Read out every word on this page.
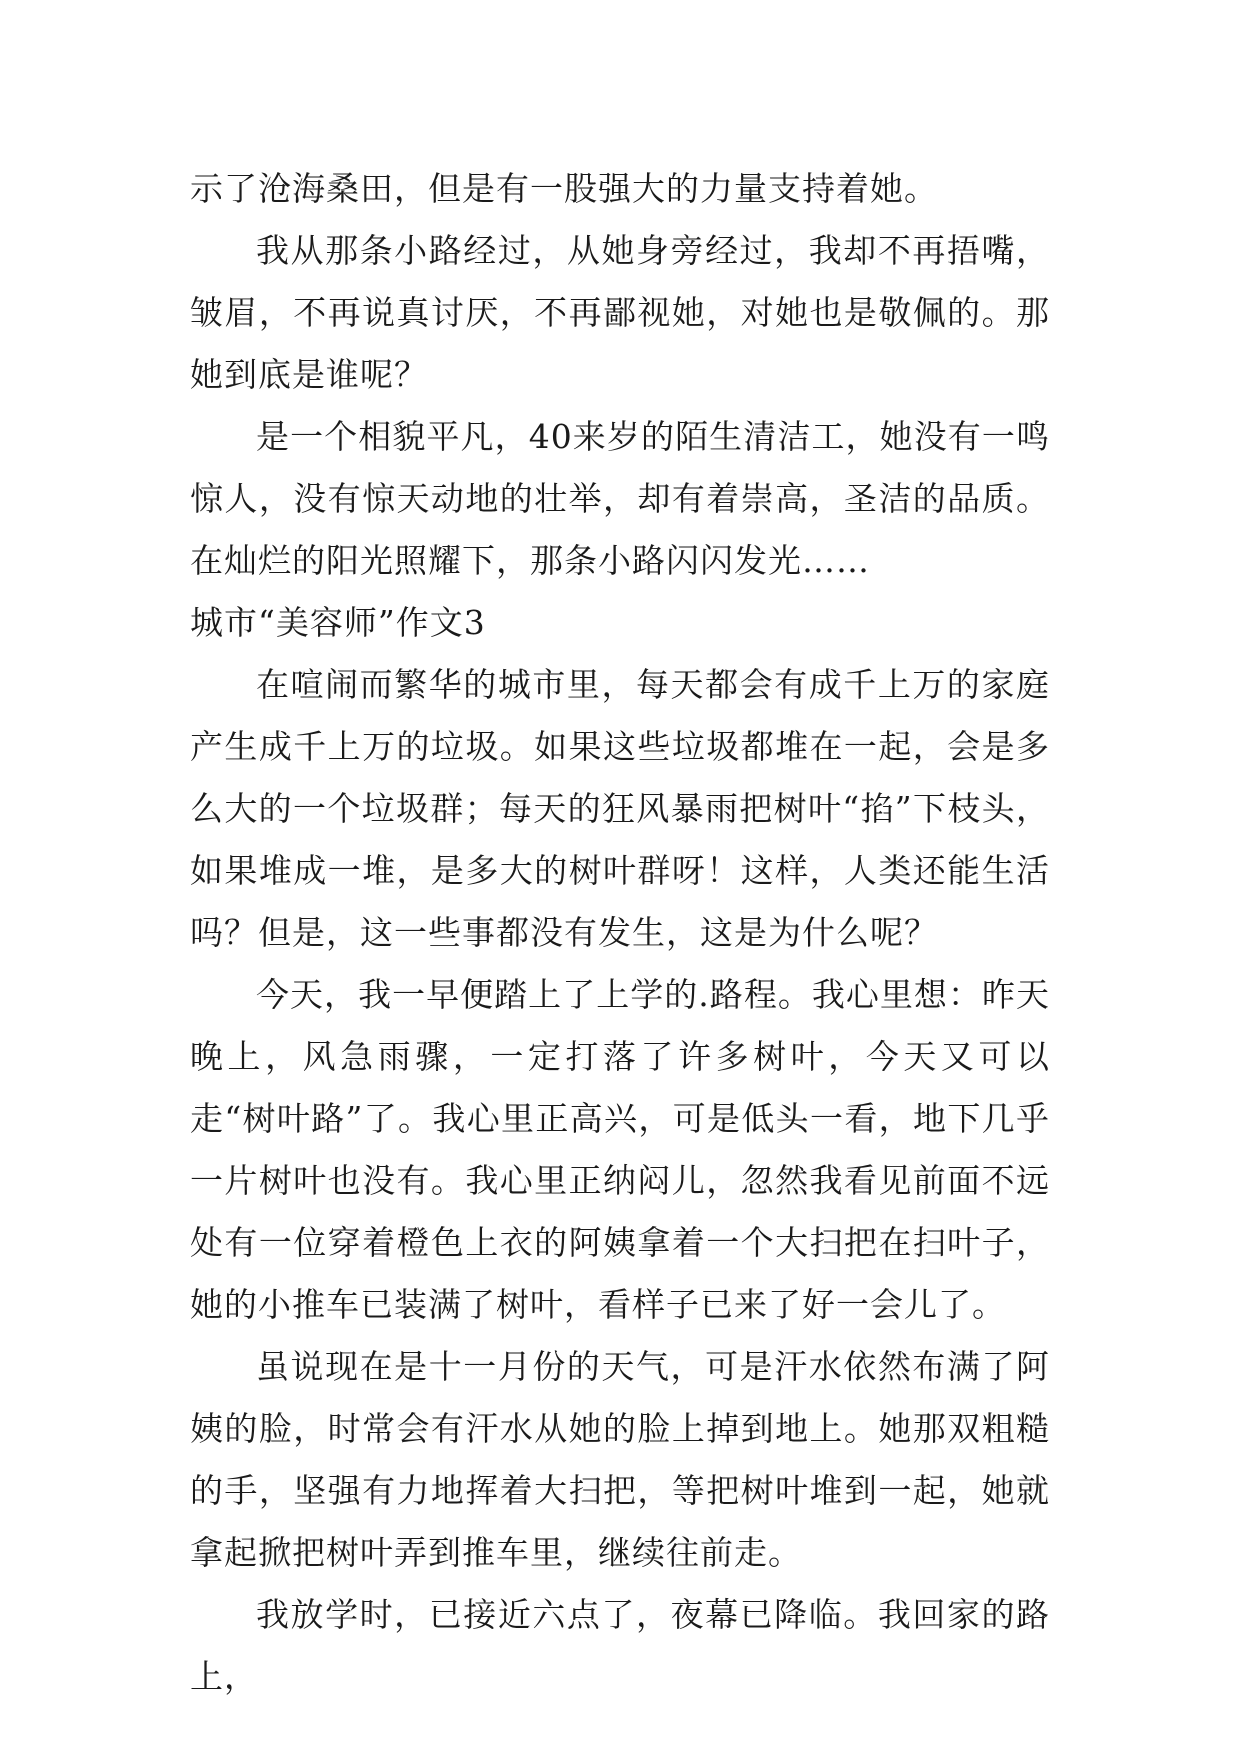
示了沧海桑田，但是有一股强大的力量支持着她。

我从那条小路经过，从她身旁经过，我却不再捂嘴，皱眉，不再说真讨厌，不再鄙视她，对她也是敬佩的。那她到底是谁呢？

是一个相貌平凡，40来岁的陌生清洁工，她没有一鸣惊人，没有惊天动地的壮举，却有着崇高，圣洁的品质。在灿烂的阳光照耀下，那条小路闪闪发光……

城市“美容师”作文3

在喧闹而繁华的城市里，每天都会有成千上万的家庭产生成千上万的垃圾。如果这些垃圾都堆在一起，会是多么大的一个垃圾群；每天的狂风暴雨把树叶“掐”下枝头，如果堆成一堆，是多大的树叶群呀！这样，人类还能生活吗？但是，这一些事都没有发生，这是为什么呢？

今天，我一早便踏上了上学的.路程。我心里想：昨天晚上，风急雨骤，一定打落了许多树叶，今天又可以走“树叶路”了。我心里正高兴，可是低头一看，地下几乎一片树叶也没有。我心里正纳闷儿，忽然我看见前面不远处有一位穿着橙色上衣的阿姨拿着一个大扫把在扫叶子，她的小推车已装满了树叶，看样子已来了好一会儿了。

虽说现在是十一月份的天气，可是汗水依然布满了阿姨的脸，时常会有汗水从她的脸上掉到地上。她那双粗糙的手，坚强有力地挥着大扫把，等把树叶堆到一起，她就拿起掀把树叶弄到推车里，继续往前走。

我放学时，已接近六点了，夜幕已降临。我回家的路上，
